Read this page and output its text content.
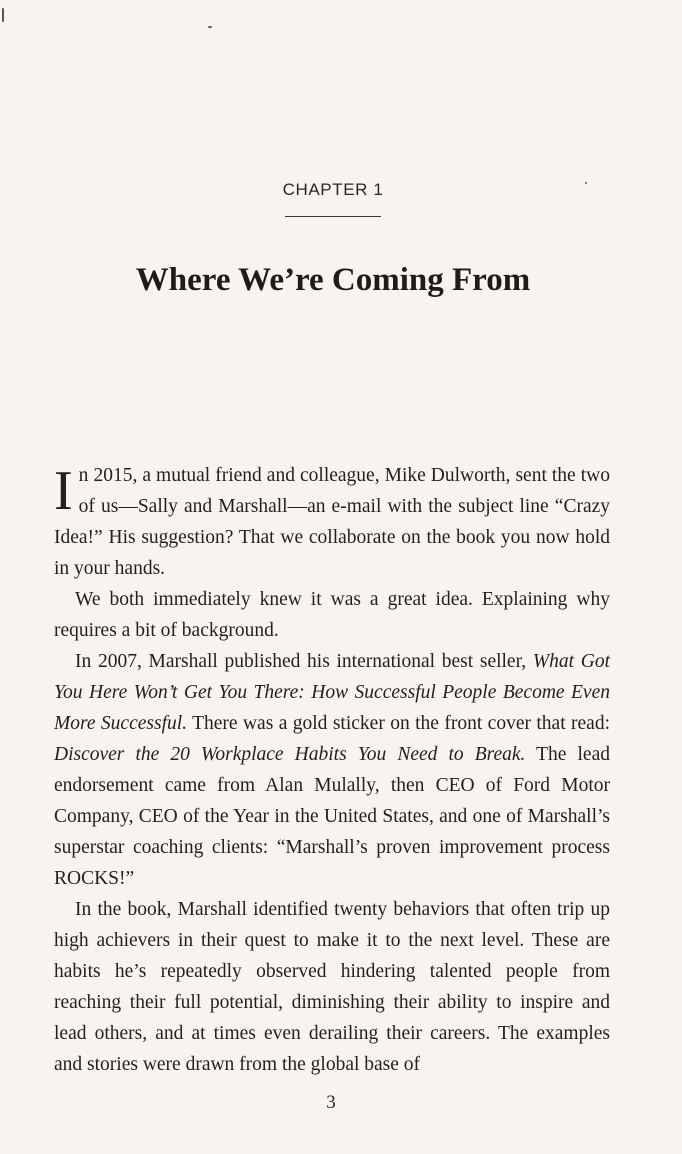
CHAPTER 1
Where We’re Coming From

In 2015, a mutual friend and colleague, Mike Dulworth, sent the two of us—Sally and Marshall—an e-mail with the subject line “Crazy Idea!” His suggestion? That we collaborate on the book you now hold in your hands.

We both immediately knew it was a great idea. Explaining why requires a bit of background.

In 2007, Marshall published his international best seller, What Got You Here Won’t Get You There: How Successful People Become Even More Successful. There was a gold sticker on the front cover that read: Discover the 20 Workplace Habits You Need to Break. The lead endorsement came from Alan Mulally, then CEO of Ford Motor Company, CEO of the Year in the United States, and one of Marshall’s superstar coaching clients: “Marshall’s proven improvement process ROCKS!”

In the book, Marshall identified twenty behaviors that often trip up high achievers in their quest to make it to the next level. These are habits he’s repeatedly observed hindering talented people from reaching their full potential, diminishing their ability to inspire and lead others, and at times even derailing their careers. The examples and stories were drawn from the global base of

3
